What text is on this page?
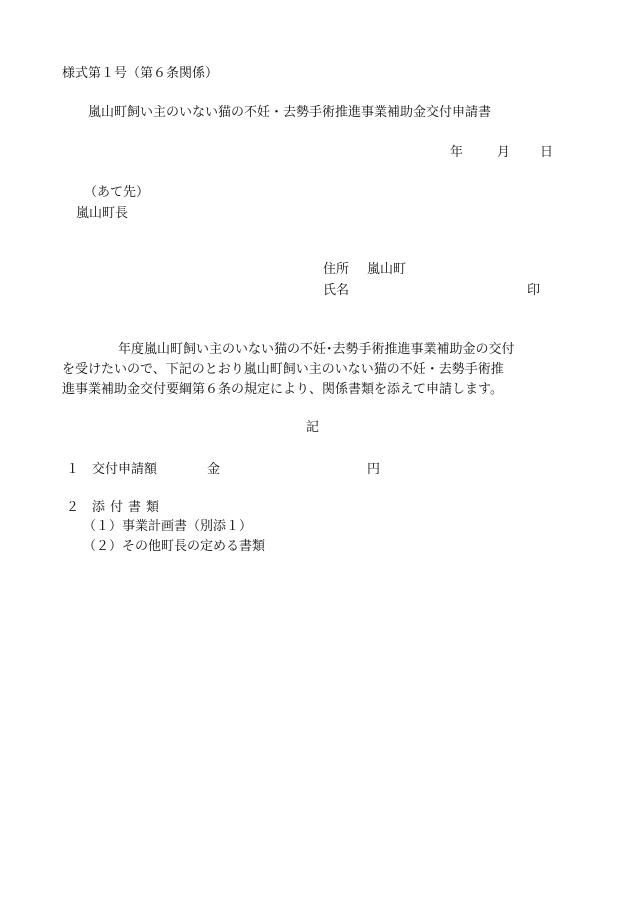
様式第１号（第６条関係）
嵐山町飼い主のいない猫の不妊・去勢手術推進事業補助金交付申請書
年	月 日
（あて先）
嵐山町長
住所 嵐山町
氏名	印
年度嵐山町飼い主のいない猫の不妊･去勢手術推進事業補助金の交付
を受けたいので、下記のとおり嵐山町飼い主のいない猫の不妊・去勢手術推
進事業補助金交付要綱第６条の規定により、関係書類を添えて申請します。
記
１ 交付申請額	金	円
２ 添付書類
（１）事業計画書（別添１）
（２）その他町長の定める書類
